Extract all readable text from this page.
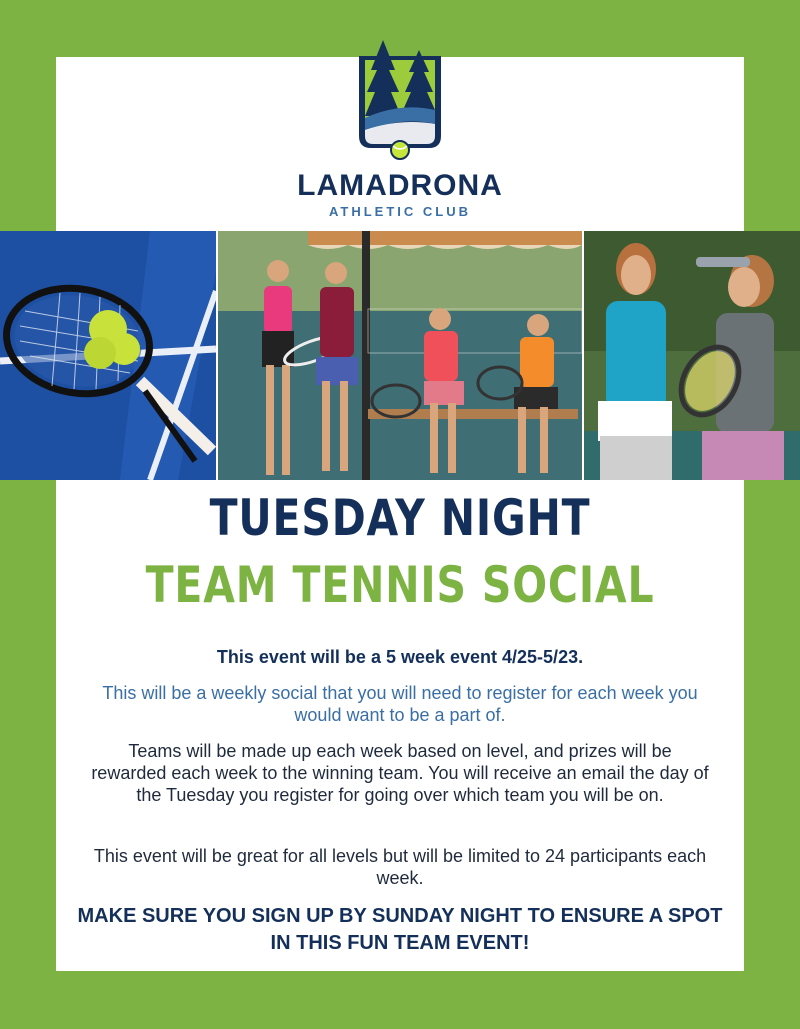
LAMADRONA
ATHLETIC CLUB
TUESDAY NIGHT
TEAM TENNIS SOCIAL
This event will be a 5 week event 4/25-5/23.
This will be a weekly social that you will need to register for each week you would want to be a part of.
Teams will be made up each week based on level, and prizes will be rewarded each week to the winning team. You will receive an email the day of the Tuesday you register for going over which team you will be on.
This event will be great for all levels but will be limited to 24 participants each week.
MAKE SURE YOU SIGN UP BY SUNDAY NIGHT TO ENSURE A SPOT IN THIS FUN TEAM EVENT!
